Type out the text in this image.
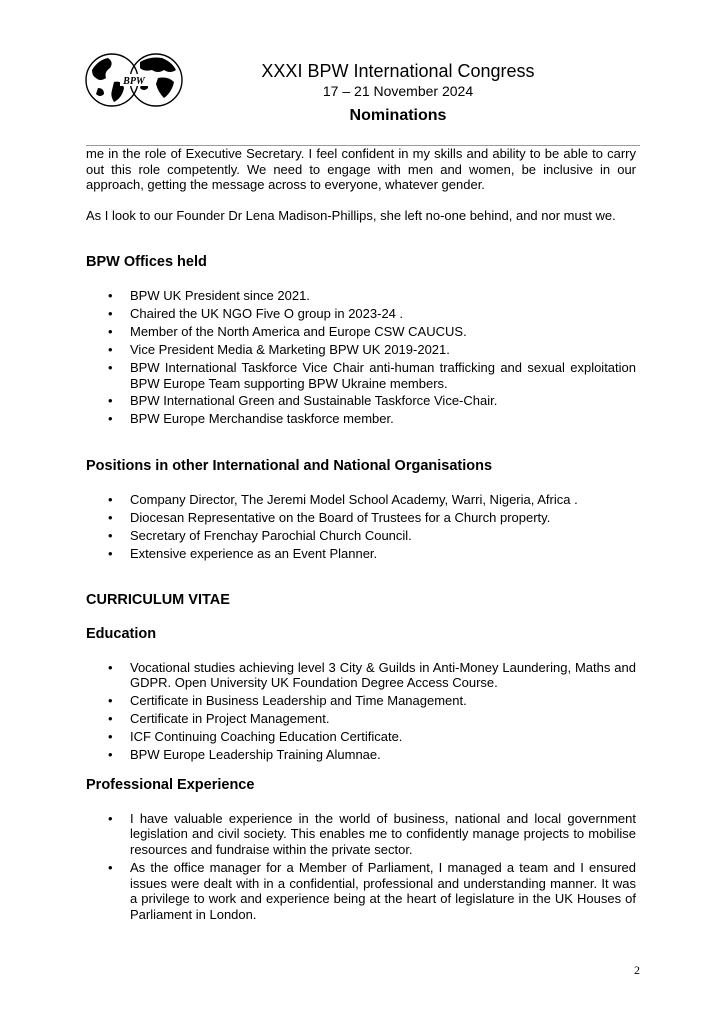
BPW
XXXI BPW International Congress
17 – 21 November 2024
Nominations

me in the role of Executive Secretary. I feel confident in my skills and ability to be able to carry out this role competently. We need to engage with men and women, be inclusive in our approach, getting the message across to everyone, whatever gender.

As I look to our Founder Dr Lena Madison-Phillips, she left no-one behind, and nor must we.

BPW Offices held
• BPW UK President since 2021.
• Chaired the UK NGO Five O group in 2023-24 .
• Member of the North America and Europe CSW CAUCUS.
• Vice President Media & Marketing BPW UK 2019-2021.
• BPW International Taskforce Vice Chair anti-human trafficking and sexual exploitation BPW Europe Team supporting BPW Ukraine members.
• BPW International Green and Sustainable Taskforce Vice-Chair.
• BPW Europe Merchandise taskforce member.
Positions in other International and National Organisations
• Company Director, The Jeremi Model School Academy, Warri, Nigeria, Africa .
• Diocesan Representative on the Board of Trustees for a Church property.
• Secretary of Frenchay Parochial Church Council.
• Extensive experience as an Event Planner.
CURRICULUM VITAE
Education
• Vocational studies achieving level 3 City & Guilds in Anti-Money Laundering, Maths and GDPR. Open University UK Foundation Degree Access Course.
• Certificate in Business Leadership and Time Management.
• Certificate in Project Management.
• ICF Continuing Coaching Education Certificate.
• BPW Europe Leadership Training Alumnae.
Professional Experience
• I have valuable experience in the world of business, national and local government legislation and civil society. This enables me to confidently manage projects to mobilise resources and fundraise within the private sector.
• As the office manager for a Member of Parliament, I managed a team and I ensured issues were dealt with in a confidential, professional and understanding manner. It was a privilege to work and experience being at the heart of legislature in the UK Houses of Parliament in London.
2
